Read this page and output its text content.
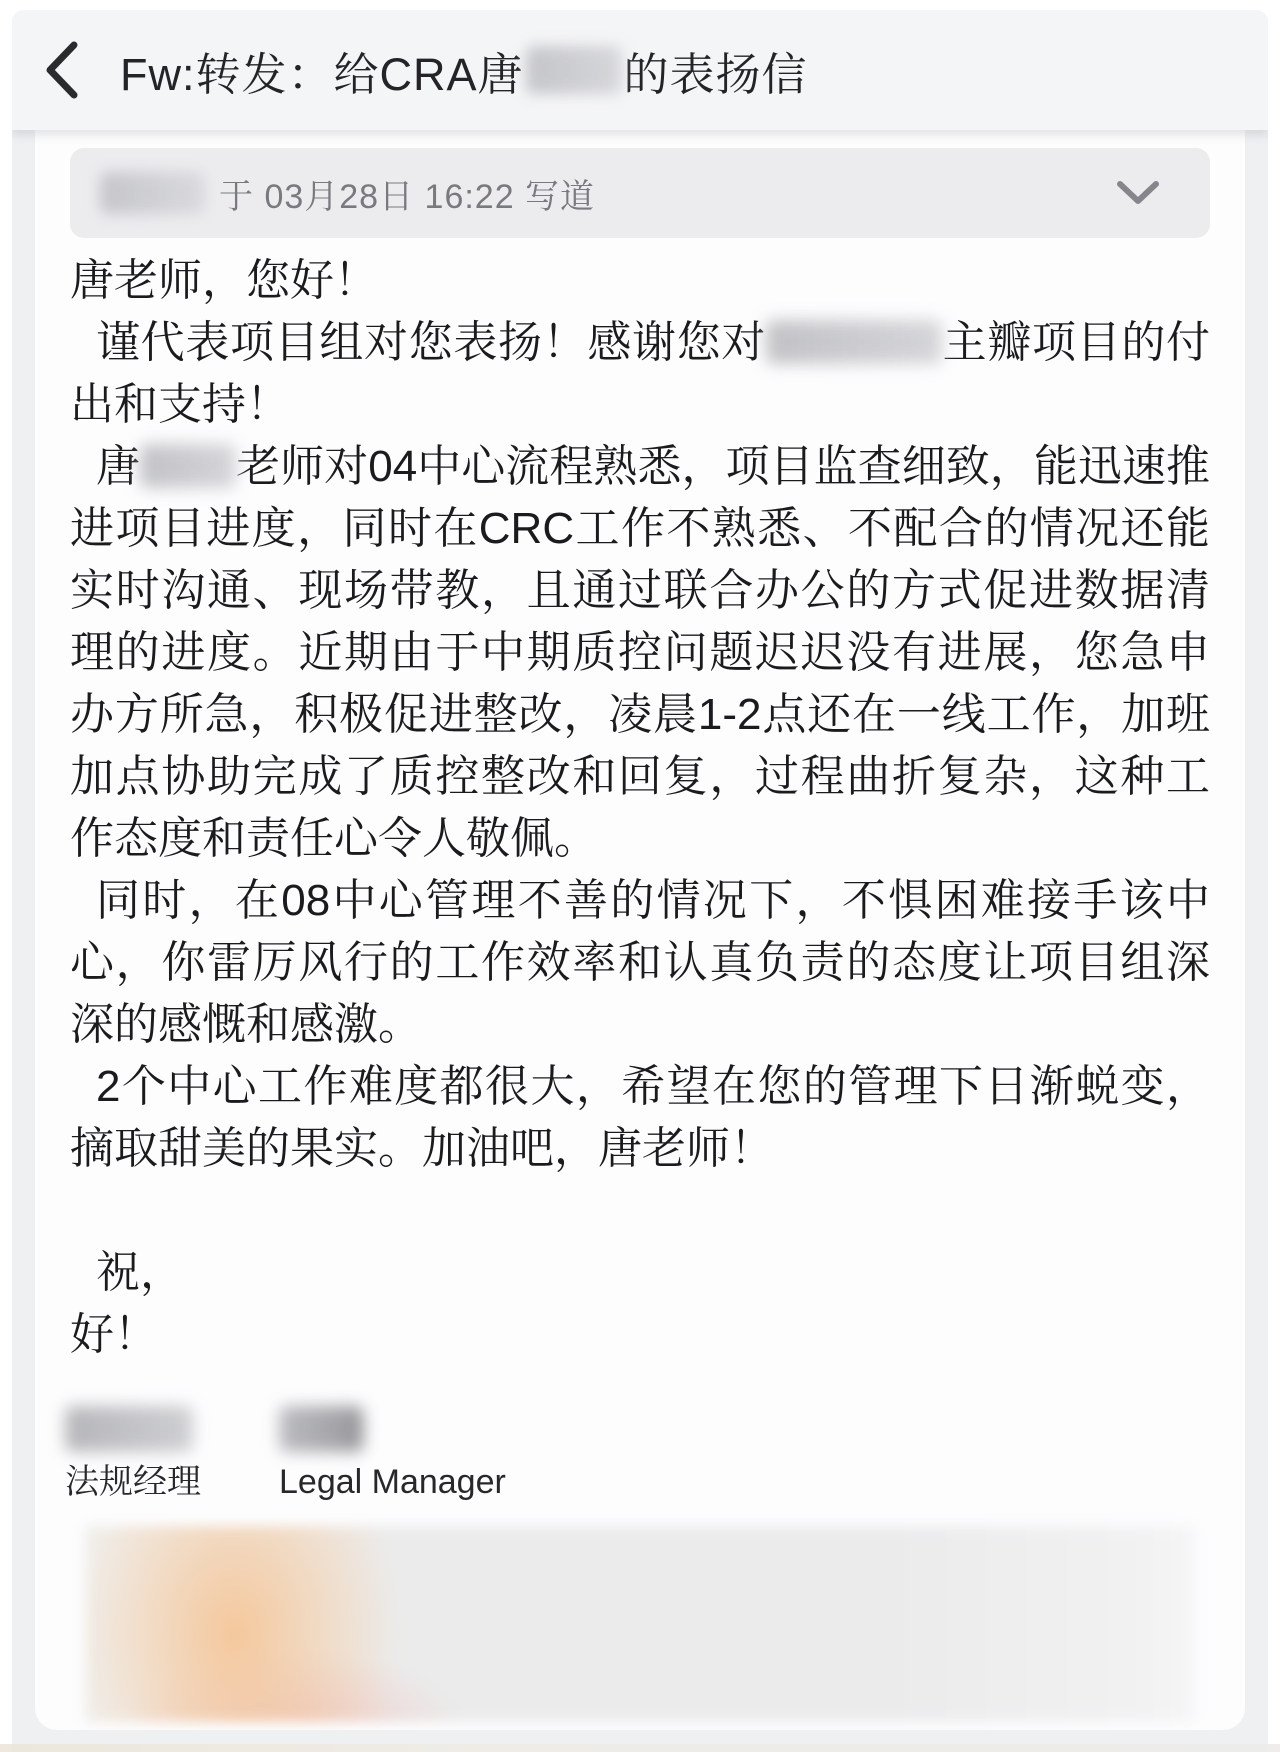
Fw:转发：给CRA唐 的表扬信
于 03月28日 16:22 写道

唐老师，您好！

谨代表项目组对您表扬！感谢您对	主瓣项目的付出和支持！

唐 老师对04中心流程熟悉，项目监查细致，能迅速推进项目进度，同时在CRC工作不熟悉、不配合的情况还能实时沟通、现场带教，且通过联合办公的方式促进数据清理的进度。近期由于中期质控问题迟迟没有进展，您急申办方所急，积极促进整改，凌晨1-2点还在一线工作，加班加点协助完成了质控整改和回复，过程曲折复杂，这种工作态度和责任心令人敬佩。

同时，在08中心管理不善的情况下，不惧困难接手该中心，你雷厉风行的工作效率和认真负责的态度让项目组深深的感慨和感激。

2个中心工作难度都很大，希望在您的管理下日渐蜕变，摘取甜美的果实。加油吧，唐老师！

祝，

好！

法规经理 Legal Manager
